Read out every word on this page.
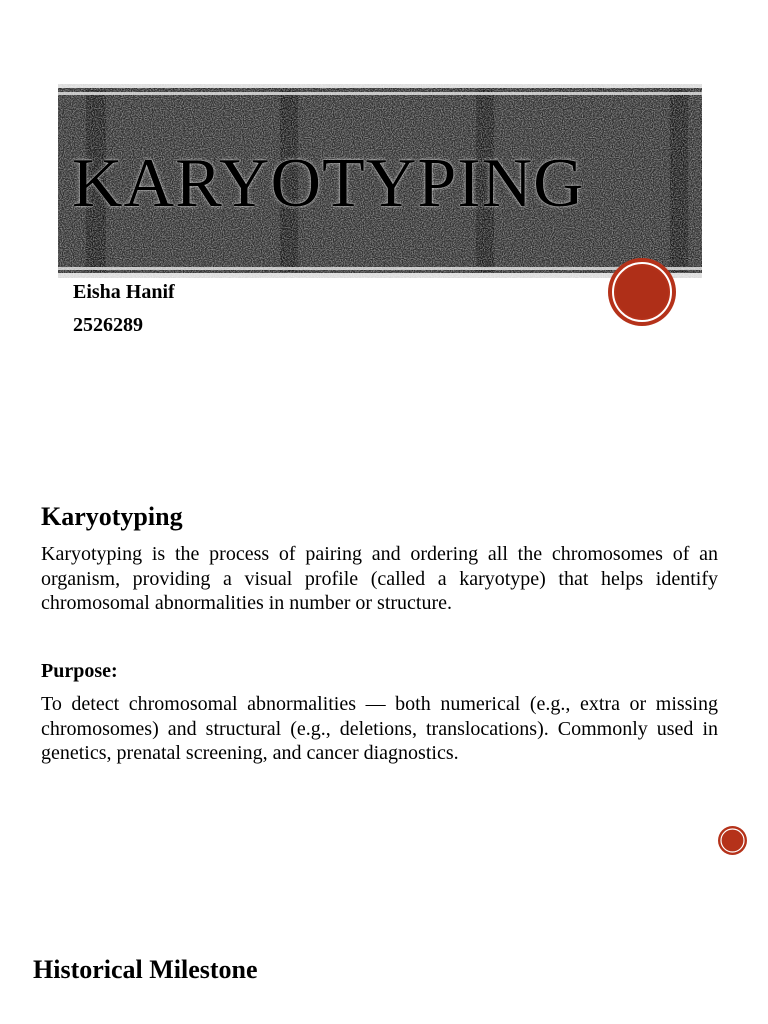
KARYOTYPING
Eisha Hanif
2526289
Karyotyping

Karyotyping is the process of pairing and ordering all the chromosomes of an organism, providing a visual profile (called a karyotype) that helps identify chromosomal abnormalities in number or structure.

Purpose:

To detect chromosomal abnormalities — both numerical (e.g., extra or missing chromosomes) and structural (e.g., deletions, translocations). Commonly used in genetics, prenatal screening, and cancer diagnostics.

Historical Milestone
